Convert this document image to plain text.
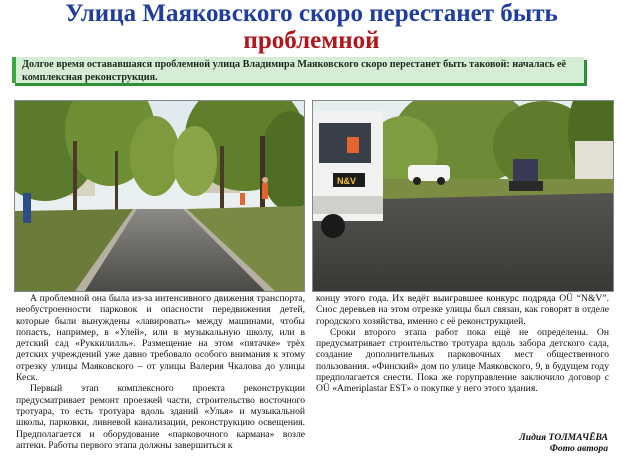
Улица Маяковского скоро перестанет быть
проблемной
Долгое время остававшаяся проблемной улица Владимира Маяковского скоро перестанет быть таковой: началась её комплексная реконструкция.
N&V

А проблемной она была из-за интенсивного движения транспорта, необустроенности парковок и опасности передвижения детей, которые были вынуждены «лавировать» между машинами, чтобы попасть, например, в «Улей», или в музыкальную школу, или в детский сад «Руккилилль». Размещение на этом «пятачке» трёх детских учреждений уже давно требовало особого внимания к этому отрезку улицы Маяковского – от улицы Валерия Чкалова до улицы Кеск.

Первый этап комплексного проекта реконструкции предусматривает ремонт проезжей части, строительство восточного тротуара, то есть тротуара вдоль зданий «Улья» и музыкальной школы, парковки, ливневой канализации, реконструкцию освещения. Предполагается и оборудование «парковочного кармана» возле аптеки. Работы первого этапа должны завершиться к

концу этого года. Их ведёт выигравшее конкурс подряда OÜ “N&V”. Снос деревьев на этом отрезке улицы был связан, как говорят в отделе городского хозяйства, именно с её реконструкцией.

Сроки второго этапа работ пока ещё не определены. Он предусматривает строительство тротуара вдоль забора детского сада, создание дополнительных парковочных мест общественного пользования. «Финский» дом по улице Маяковского, 9, в будущем году предполагается снести. Пока же горуправление заключило договор с OÜ «Ameriplastar EST» о покупке у него этого здания.

Лидия ТОЛМАЧЁВА
Фото автора
